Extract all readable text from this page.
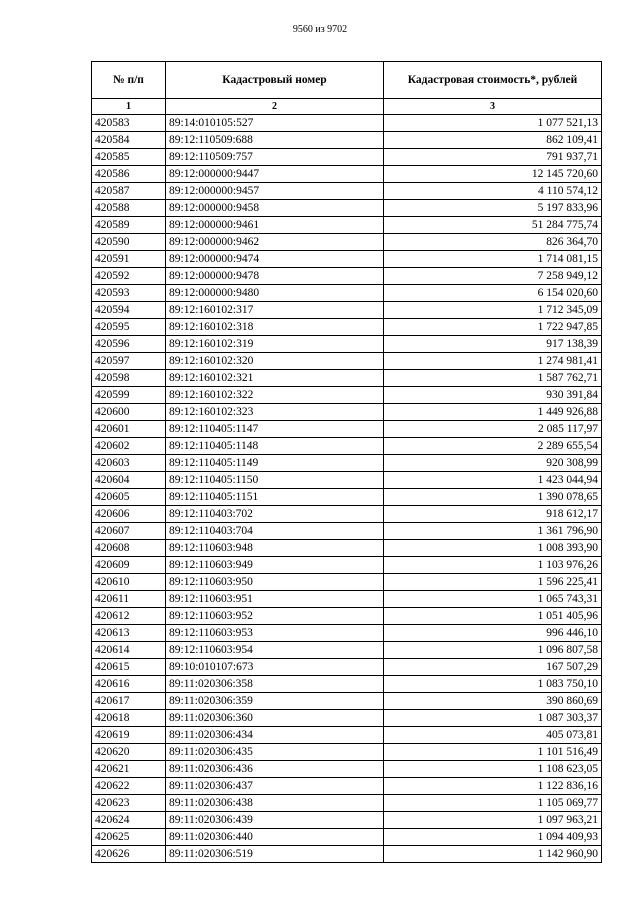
9560 из 9702
№ п/п	Кадастровый номер	Кадастровая стоимость*, рублей
1	2	3
420583	89:14:010105:527	1 077 521,13
420584	89:12:110509:688	862 109,41
420585	89:12:110509:757	791 937,71
420586	89:12:000000:9447	12 145 720,60
420587	89:12:000000:9457	4 110 574,12
420588	89:12:000000:9458	5 197 833,96
420589	89:12:000000:9461	51 284 775,74
420590	89:12:000000:9462	826 364,70
420591	89:12:000000:9474	1 714 081,15
420592	89:12:000000:9478	7 258 949,12
420593	89:12:000000:9480	6 154 020,60
420594	89:12:160102:317	1 712 345,09
420595	89:12:160102:318	1 722 947,85
420596	89:12:160102:319	917 138,39
420597	89:12:160102:320	1 274 981,41
420598	89:12:160102:321	1 587 762,71
420599	89:12:160102:322	930 391,84
420600	89:12:160102:323	1 449 926,88
420601	89:12:110405:1147	2 085 117,97
420602	89:12:110405:1148	2 289 655,54
420603	89:12:110405:1149	920 308,99
420604	89:12:110405:1150	1 423 044,94
420605	89:12:110405:1151	1 390 078,65
420606	89:12:110403:702	918 612,17
420607	89:12:110403:704	1 361 796,90
420608	89:12:110603:948	1 008 393,90
420609	89:12:110603:949	1 103 976,26
420610	89:12:110603:950	1 596 225,41
420611	89:12:110603:951	1 065 743,31
420612	89:12:110603:952	1 051 405,96
420613	89:12:110603:953	996 446,10
420614	89:12:110603:954	1 096 807,58
420615	89:10:010107:673	167 507,29
420616	89:11:020306:358	1 083 750,10
420617	89:11:020306:359	390 860,69
420618	89:11:020306:360	1 087 303,37
420619	89:11:020306:434	405 073,81
420620	89:11:020306:435	1 101 516,49
420621	89:11:020306:436	1 108 623,05
420622	89:11:020306:437	1 122 836,16
420623	89:11:020306:438	1 105 069,77
420624	89:11:020306:439	1 097 963,21
420625	89:11:020306:440	1 094 409,93
420626	89:11:020306:519	1 142 960,90
